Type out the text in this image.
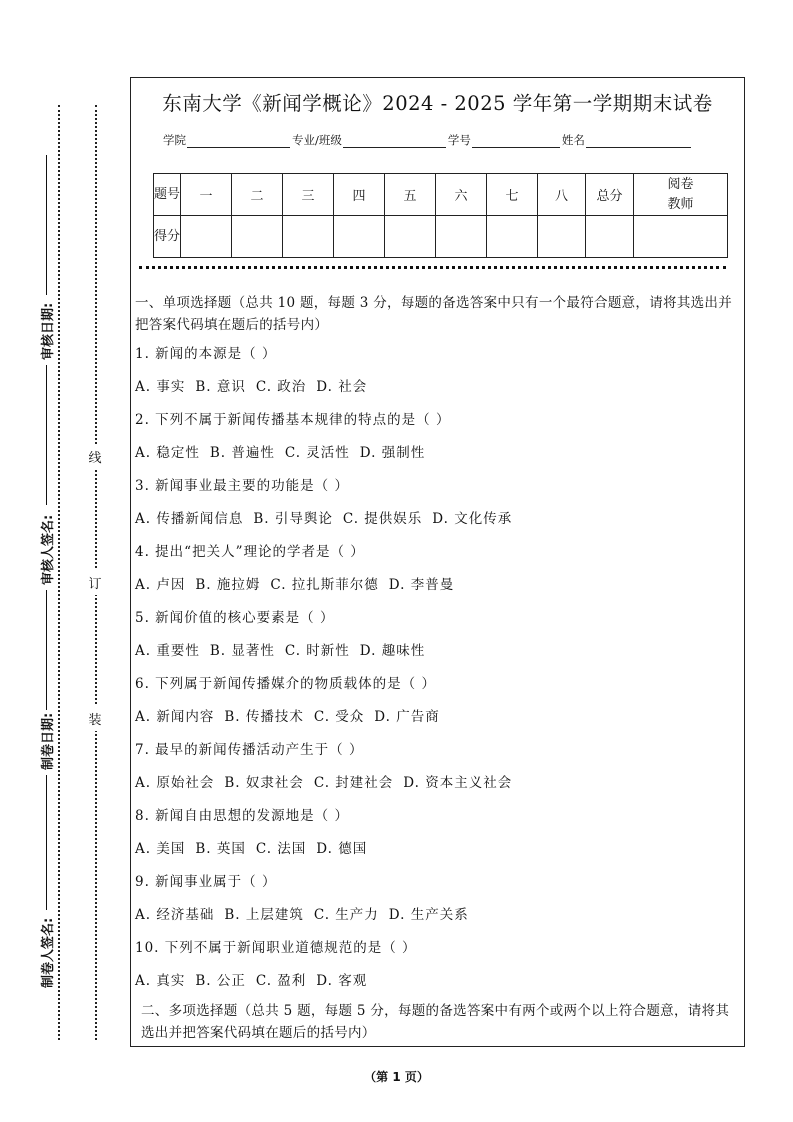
审核日期:
审核人签名:
制卷日期:
制卷人签名:
线
订
装
东南大学《新闻学概论》2024 - 2025 学年第一学期期末试卷
学院	专业/班级	学号	姓名
题号	一	二	三	四	五	六	七	八	总分	阅卷教师
得分										
一、单项选择题（总共 10 题，每题 3 分，每题的备选答案中只有一个最符合题意，请将其选出并把答案代码填在题后的括号内）
1. 新闻的本源是（ ）
A. 事实 B. 意识 C. 政治 D. 社会
2. 下列不属于新闻传播基本规律的特点的是（ ）
A. 稳定性 B. 普遍性 C. 灵活性 D. 强制性
3. 新闻事业最主要的功能是（ ）
A. 传播新闻信息 B. 引导舆论 C. 提供娱乐 D. 文化传承
4. 提出“把关人”理论的学者是（ ）
A. 卢因 B. 施拉姆 C. 拉扎斯菲尔德 D. 李普曼
5. 新闻价值的核心要素是（ ）
A. 重要性 B. 显著性 C. 时新性 D. 趣味性
6. 下列属于新闻传播媒介的物质载体的是（ ）
A. 新闻内容 B. 传播技术 C. 受众 D. 广告商
7. 最早的新闻传播活动产生于（ ）
A. 原始社会 B. 奴隶社会 C. 封建社会 D. 资本主义社会
8. 新闻自由思想的发源地是（ ）
A. 美国 B. 英国 C. 法国 D. 德国
9. 新闻事业属于（ ）
A. 经济基础 B. 上层建筑 C. 生产力 D. 生产关系
10. 下列不属于新闻职业道德规范的是（ ）
A. 真实 B. 公正 C. 盈利 D. 客观
二、多项选择题（总共 5 题，每题 5 分，每题的备选答案中有两个或两个以上符合题意，请将其选出并把答案代码填在题后的括号内）
（第 1 页）
